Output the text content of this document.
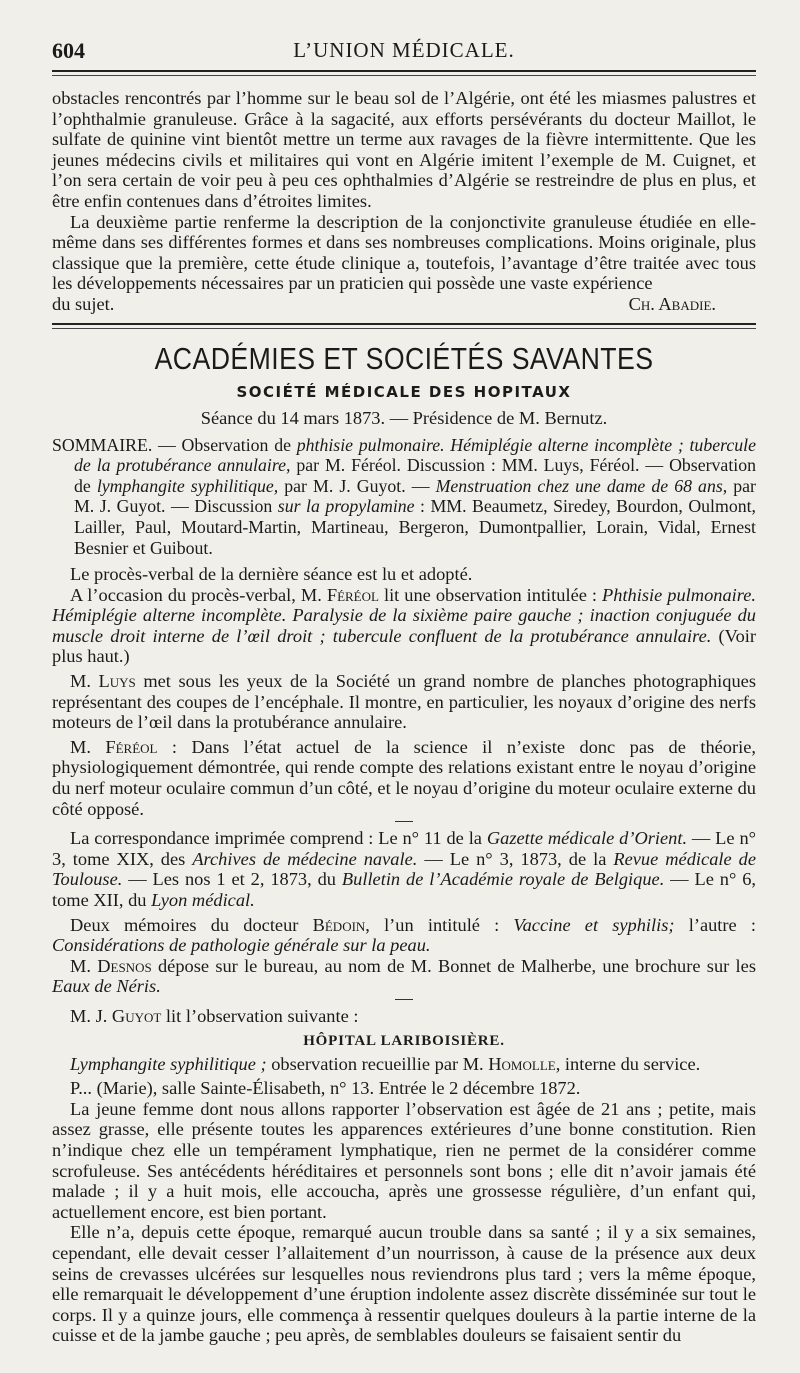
604	L’UNION MÉDICALE.

obstacles rencontrés par l’homme sur le beau sol de l’Algérie, ont été les miasmes palustres et l’ophthalmie granuleuse. Grâce à la sagacité, aux efforts persévérants du docteur Maillot, le sulfate de quinine vint bientôt mettre un terme aux ravages de la fièvre intermittente. Que les jeunes médecins civils et militaires qui vont en Algérie imitent l’exemple de M. Cuignet, et l’on sera certain de voir peu à peu ces ophthalmies d’Algérie se restreindre de plus en plus, et être enfin contenues dans d’étroites limites.

La deuxième partie renferme la description de la conjonctivite granuleuse étudiée en elle-même dans ses différentes formes et dans ses nombreuses complications. Moins originale, plus classique que la première, cette étude clinique a, toutefois, l’avantage d’être traitée avec tous les développements nécessaires par un praticien qui possède une vaste expérience

du sujet.	Ch. Abadie.
ACADÉMIES ET SOCIÉTÉS SAVANTES
SOCIÉTÉ MÉDICALE DES HOPITAUX
Séance du 14 mars 1873. — Présidence de M. Bernutz.

SOMMAIRE. — Observation de phthisie pulmonaire. Hémiplégie alterne incomplète ; tubercule de la protubérance annulaire, par M. Féréol. Discussion : MM. Luys, Féréol. — Observation de lymphangite syphilitique, par M. J. Guyot. — Menstruation chez une dame de 68 ans, par M. J. Guyot. — Discussion sur la propylamine : MM. Beaumetz, Siredey, Bourdon, Oulmont, Lailler, Paul, Moutard-Martin, Martineau, Bergeron, Dumontpallier, Lorain, Vidal, Ernest Besnier et Guibout.

Le procès-verbal de la dernière séance est lu et adopté.

A l’occasion du procès-verbal, M. Féréol lit une observation intitulée : Phthisie pulmonaire. Hémiplégie alterne incomplète. Paralysie de la sixième paire gauche ; inaction conjuguée du muscle droit interne de l’œil droit ; tubercule confluent de la protubérance annulaire. (Voir plus haut.)

M. Luys met sous les yeux de la Société un grand nombre de planches photographiques représentant des coupes de l’encéphale. Il montre, en particulier, les noyaux d’origine des nerfs moteurs de l’œil dans la protubérance annulaire.

M. Féréol : Dans l’état actuel de la science il n’existe donc pas de théorie, physiologiquement démontrée, qui rende compte des relations existant entre le noyau d’origine du nerf moteur oculaire commun d’un côté, et le noyau d’origine du moteur oculaire externe du côté opposé.

La correspondance imprimée comprend : Le n° 11 de la Gazette médicale d’Orient. — Le n° 3, tome XIX, des Archives de médecine navale. — Le n° 3, 1873, de la Revue médicale de Toulouse. — Les nos 1 et 2, 1873, du Bulletin de l’Académie royale de Belgique. — Le n° 6, tome XII, du Lyon médical.

Deux mémoires du docteur Bédoin, l’un intitulé : Vaccine et syphilis; l’autre : Considérations de pathologie générale sur la peau.

M. Desnos dépose sur le bureau, au nom de M. Bonnet de Malherbe, une brochure sur les Eaux de Néris.

M. J. Guyot lit l’observation suivante :

HÔPITAL LARIBOISIÈRE.

Lymphangite syphilitique ; observation recueillie par M. Homolle, interne du service.

P... (Marie), salle Sainte-Élisabeth, n° 13. Entrée le 2 décembre 1872.

La jeune femme dont nous allons rapporter l’observation est âgée de 21 ans ; petite, mais assez grasse, elle présente toutes les apparences extérieures d’une bonne constitution. Rien n’indique chez elle un tempérament lymphatique, rien ne permet de la considérer comme scrofuleuse. Ses antécédents héréditaires et personnels sont bons ; elle dit n’avoir jamais été malade ; il y a huit mois, elle accoucha, après une grossesse régulière, d’un enfant qui, actuellement encore, est bien portant.

Elle n’a, depuis cette époque, remarqué aucun trouble dans sa santé ; il y a six semaines, cependant, elle devait cesser l’allaitement d’un nourrisson, à cause de la présence aux deux seins de crevasses ulcérées sur lesquelles nous reviendrons plus tard ; vers la même époque, elle remarquait le développement d’une éruption indolente assez discrète disséminée sur tout le corps. Il y a quinze jours, elle commença à ressentir quelques douleurs à la partie interne de la cuisse et de la jambe gauche ; peu après, de semblables douleurs se faisaient sentir du
